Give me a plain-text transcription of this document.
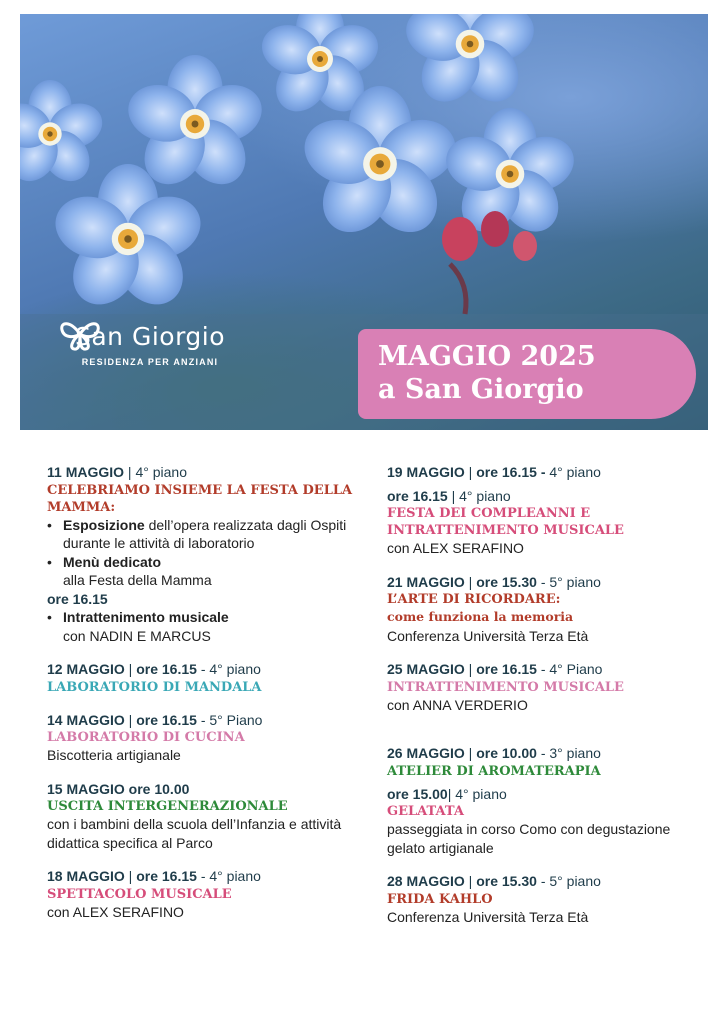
San Giorgio
RESIDENZA PER ANZIANI	MAGGIO 2025
a San Giorgio
11 MAGGIO | 4° piano
CELEBRIAMO INSIEME LA FESTA DELLA MAMMA:
• Esposizione dell’opera realizzata dagli Ospiti durante le attività di laboratorio
• Menù dedicato
alla Festa della Mamma
ore 16.15
• Intrattenimento musicale
con NADIN E MARCUS
12 MAGGIO | ore 16.15 - 4° piano
LABORATORIO DI MANDALA
14 MAGGIO | ore 16.15 - 5° Piano
LABORATORIO DI CUCINA
Biscotteria artigianale
15 MAGGIO ore 10.00
USCITA INTERGENERAZIONALE
con i bambini della scuola dell’Infanzia e attività didattica specifica al Parco
18 MAGGIO | ore 16.15 - 4° piano
SPETTACOLO MUSICALE
con ALEX SERAFINO
19 MAGGIO | ore 16.15 - 4° piano
ore 16.15 | 4° piano
FESTA DEI COMPLEANNI E INTRATTENIMENTO MUSICALE
con ALEX SERAFINO
21 MAGGIO | ore 15.30 - 5° piano
L’ARTE DI RICORDARE:
come funziona la memoria
Conferenza Università Terza Età
25 MAGGIO | ore 16.15 - 4° Piano
INTRATTENIMENTO MUSICALE
con ANNA VERDERIO
26 MAGGIO | ore 10.00 - 3° piano
ATELIER DI AROMATERAPIA
ore 15.00| 4° piano
GELATATA
passeggiata in corso Como con degustazione gelato artigianale
28 MAGGIO | ore 15.30 - 5° piano
FRIDA KAHLO
Conferenza Università Terza Età
